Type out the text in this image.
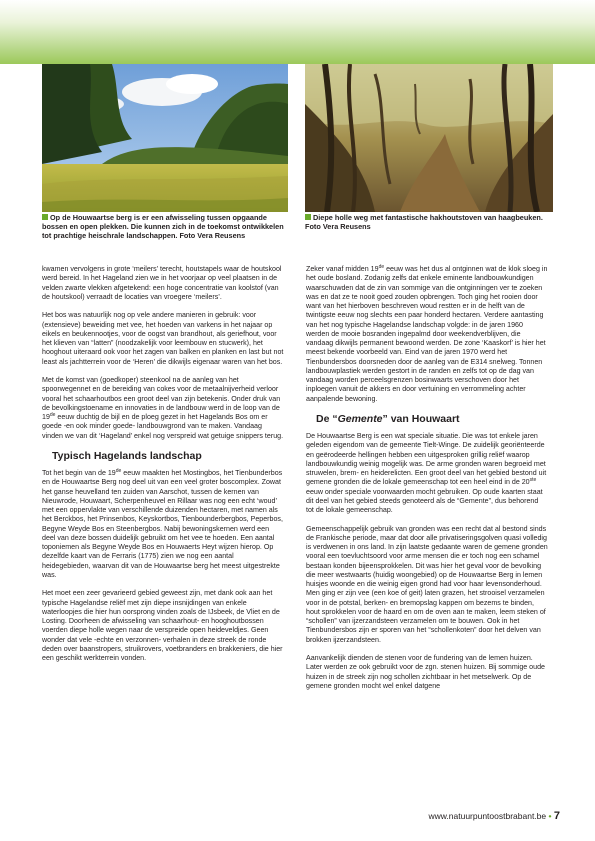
Op de Houwaartse berg is er een afwisseling tussen opgaande bossen en open plekken. Die kunnen zich in de toekomst ontwikkelen tot prachtige heischrale landschappen. Foto Vera Reusens
Diepe holle weg met fantastische hakhoutstoven van haagbeuken. Foto Vera Reusens

kwamen vervolgens in grote ‘meilers’ terecht, houtstapels waar de houtskool werd bereid. In het Hageland zien we in het voorjaar op veel plaatsen in de velden zwarte vlekken afgetekend: een hoge concentratie van koolstof (van de houtskool) verraadt de locaties van vroegere ‘meilers’.

Het bos was natuurlijk nog op vele andere manieren in gebruik: voor (extensieve) beweiding met vee, het hoeden van varkens in het najaar op eikels en beukennootjes, voor de oogst van brandhout, als geriefhout, voor het klieven van “latten” (noodzakelijk voor leembouw en stucwerk), het hooghout uiteraard ook voor het zagen van balken en planken en last but not least als jachtterrein voor de ‘Heren’ die dikwijls eigenaar waren van het bos.

Met de komst van (goedkoper) steenkool na de aanleg van het spoorwegennet en de bereiding van cokes voor de metaalnijverheid verloor vooral het schaarhoutbos een groot deel van zijn betekenis. Onder druk van de bevolkingstoename en innovaties in de landbouw werd in de loop van de 19de eeuw duchtig de bijl en de ploeg gezet in het Hagelands Bos om er goede -en ook minder goede- landbouwgrond van te maken. Vandaag vinden we van dit ‘Hageland’ enkel nog verspreid wat getuige snippers terug.

Typisch Hagelands landschap

Tot het begin van de 19de eeuw maakten het Mostingbos, het Tienbunderbos en de Houwaartse Berg nog deel uit van een veel groter boscomplex. Zowat het ganse heuvelland ten zuiden van Aarschot, tussen de kernen van Nieuwrode, Houwaart, Scherpenheuvel en Rillaar was nog een echt ‘woud’ met een oppervlakte van verschillende duizenden hectaren, met namen als het Berckbos, het Prinsenbos, Keyskortbos, Tienbounderbergbos, Peperbos, Begyne Weyde Bos en Steenbergbos. Nabij bewoningskernen werd een deel van deze bossen duidelijk gebruikt om het vee te hoeden. Een aantal toponiemen als Begyne Weyde Bos en Houwaerts Heyt wijzen hierop. Op dezelfde kaart van de Ferraris (1775) zien we nog een aantal heidegebieden, waarvan dit van de Houwaartse berg het meest uitgestrekte was.

Het moet een zeer gevarieerd gebied geweest zijn, met dank ook aan het typische Hagelandse reliëf met zijn diepe insnijdingen van enkele waterloopjes die hier hun oorsprong vinden zoals de IJsbeek, de Vliet en de Losting. Doorheen de afwisseling van schaarhout- en hooghoutbossen voerden diepe holle wegen naar de verspreide open heideveldjes. Geen wonder dat vele -echte en verzonnen- verhalen in deze streek de ronde deden over baanstropers, struikrovers, voetbranders en brakkeniers, die hier een geschikt werkterrein vonden.

Zeker vanaf midden 19de eeuw was het dus al ontginnen wat de klok sloeg in het oude bosland. Zodanig zelfs dat enkele eminente landbouwkundigen waarschuwden dat de zin van sommige van die ontginningen ver te zoeken was en dat ze te nooit goed zouden opbrengen. Toch ging het rooien door want van het hierboven beschreven woud restten er in de helft van de twintigste eeuw nog slechts een paar honderd hectaren. Verdere aantasting van het nog typische Hagelandse landschap volgde: in de jaren 1960 werden de mooie bosranden ingepalmd door weekendverblijven, die vandaag dikwijls permanent bewoond werden. De zone ‘Kaaskorf’ is hier het meest bekende voorbeeld van. Eind van de jaren 1970 werd het Tienbundersbos doorsneden door de aanleg van de E314 snelweg. Tonnen landbouwplastiek werden gestort in de randen en zelfs tot op de dag van vandaag worden perceelsgrenzen bosinwaarts verschoven door het inploegen vanuit de akkers en door vertuining en verrommeling achter aanpalende bewoning.

De “Gemente” van Houwaart

De Houwaartse Berg is een wat speciale situatie. Die was tot enkele jaren geleden eigendom van de gemeente Tielt-Winge. De zuidelijk georiënteerde en geërodeerde hellingen hebben een uitgesproken grillig reliëf waarop landbouwkundig weinig mogelijk was. De arme gronden waren begroeid met struwelen, brem- en heiderelicten. Een groot deel van het gebied bestond uit gemene gronden die de lokale gemeenschap tot een heel eind in de 20ste eeuw onder speciale voorwaarden mocht gebruiken. Op oude kaarten staat dit deel van het gebied steeds genoteerd als de “Gemente”, dus behorend tot de lokale gemeenschap.

Gemeenschappelijk gebruik van gronden was een recht dat al bestond sinds de Frankische periode, maar dat door alle privatiseringsgolven quasi volledig is verdwenen in ons land. In zijn laatste gedaante waren de gemene gronden vooral een toevluchtsoord voor arme mensen die er toch nog een schamel bestaan konden bijeensprokkelen. Dit was hier het geval voor de bevolking die meer westwaarts (huidig woongebied) op de Houwaartse Berg in lemen huisjes woonde en die weinig eigen grond had voor haar levensonderhoud. Men ging er zijn vee (een koe of geit) laten grazen, het strooisel verzamelen voor in de potstal, berken- en bremopslag kappen om bezems te binden, hout sprokkelen voor de haard en om de oven aan te maken, leem steken of “schollen” van ijzerzandsteen verzamelen om te bouwen. Ook in het Tienbundersbos zijn er sporen van het “schollenkoten” door het delven van brokken ijzerzandsteen.

Aanvankelijk dienden de stenen voor de fundering van de lemen huizen. Later werden ze ook gebruikt voor de zgn. stenen huizen. Bij sommige oude huizen in de streek zijn nog schollen zichtbaar in het metselwerk. Op de gemene gronden mocht wel enkel datgene

www.natuurpuntoostbrabant.be • 7
